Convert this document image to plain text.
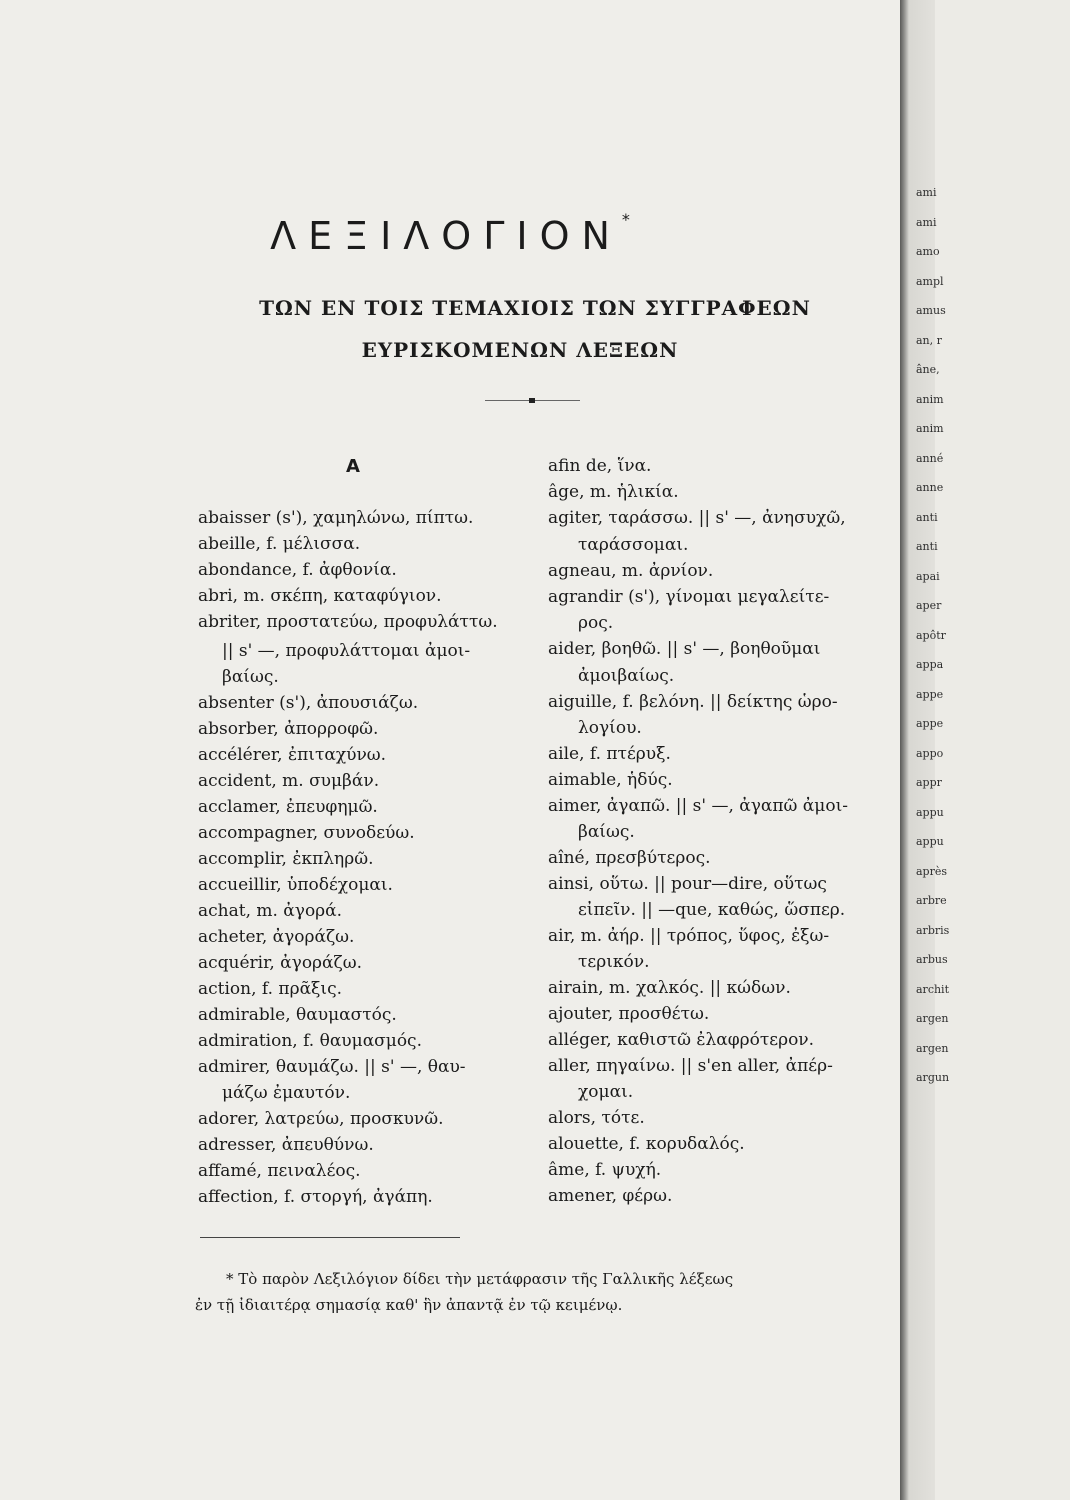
ΛΕΞΙΛΟΓΙΟΝ*
ΤΩΝ ΕΝ ΤΟΙΣ ΤΕΜΑΧΙΟΙΣ ΤΩΝ ΣΥΓΓΡΑΦΕΩΝ
ΕΥΡΙΣΚΟΜΕΝΩΝ ΛΕΞΕΩΝ
A
abaisser (s'), χαμηλώνω, πίπτω.
abeille, f. μέλισσα.
abondance, f. ἀφθονία.
abri, m. σκέπη, καταφύγιον.
abriter, προστατεύω, προφυλάττω.
|| s' —, προφυλάττομαι ἀμοι-
βαίως.
absenter (s'), ἀπουσιάζω.
absorber, ἀπορροφῶ.
accélérer, ἐπιταχύνω.
accident, m. συμβάν.
acclamer, ἐπευφημῶ.
accompagner, συνοδεύω.
accomplir, ἐκπληρῶ.
accueillir, ὑποδέχομαι.
achat, m. ἀγορά.
acheter, ἀγοράζω.
acquérir, ἀγοράζω.
action, f. πρᾶξις.
admirable, θαυμαστός.
admiration, f. θαυμασμός.
admirer, θαυμάζω. || s' —, θαυ-
μάζω ἐμαυτόν.
adorer, λατρεύω, προσκυνῶ.
adresser, ἀπευθύνω.
affamé, πειναλέος.
affection, f. στοργή, ἀγάπη.
afin de, ἵνα.
âge, m. ἡλικία.
agiter, ταράσσω. || s' —, ἀνησυχῶ,
ταράσσομαι.
agneau, m. ἀρνίον.
agrandir (s'), γίνομαι μεγαλείτε-
ρος.
aider, βοηθῶ. || s' —, βοηθοῦμαι
ἀμοιβαίως.
aiguille, f. βελόνη. || δείκτης ὡρο-
λογίου.
aile, f. πτέρυξ.
aimable, ἡδύς.
aimer, ἀγαπῶ. || s' —, ἀγαπῶ ἀμοι-
βαίως.
aîné, πρεσβύτερος.
ainsi, οὕτω. || pour—dire, οὕτως
εἰπεῖν. || —que, καθώς, ὥσπερ.
air, m. ἀήρ. || τρόπος, ὕφος, ἐξω-
τερικόν.
airain, m. χαλκός. || κώδων.
ajouter, προσθέτω.
alléger, καθιστῶ ἐλαφρότερον.
aller, πηγαίνω. || s'en aller, ἀπέρ-
χομαι.
alors, τότε.
alouette, f. κορυδαλός.
âme, f. ψυχή.
amener, φέρω.
* Τὸ παρὸν Λεξιλόγιον δίδει τὴν μετάφρασιν τῆς Γαλλικῆς λέξεως
ἐν τῇ ἰδιαιτέρᾳ σημασίᾳ καθ' ἣν ἀπαντᾷ ἐν τῷ κειμένῳ.
ami
ami
amo
ampl
amus
an, r
âne,
anim
anim
anné
anne
anti
anti
apai
aper
apôtr
appa
appe
appe
appo
appr
appu
appu
après
arbre
arbris
arbus
archit
argen
argen
argun
